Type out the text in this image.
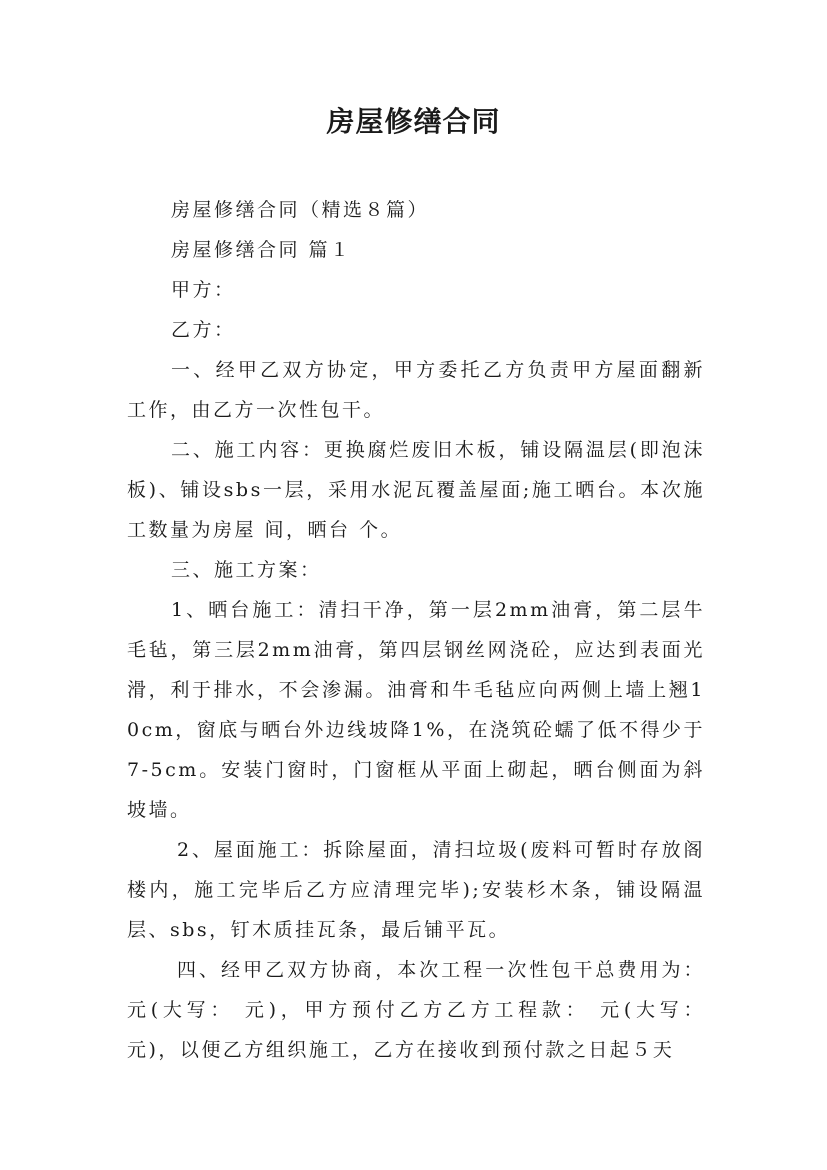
房屋修缮合同

房屋修缮合同（精选８篇）

房屋修缮合同 篇１

甲方：

乙方：

一、经甲乙双方协定，甲方委托乙方负责甲方屋面翻新工作，由乙方一次性包干。

二、施工内容：更换腐烂废旧木板，铺设隔温层(即泡沫板)、铺设sbs一层，采用水泥瓦覆盖屋面;施工晒台。本次施工数量为房屋 间，晒台 个。

三、施工方案：

1、晒台施工：清扫干净，第一层2mm油膏，第二层牛毛毡，第三层2mm油膏，第四层钢丝网浇砼，应达到表面光滑，利于排水，不会渗漏。油膏和牛毛毡应向两侧上墙上翘10cm，窗底与晒台外边线坡降1%，在浇筑砼蠕了低不得少于7-5cm。安装门窗时，门窗框从平面上砌起，晒台侧面为斜坡墙。

2、屋面施工：拆除屋面，清扫垃圾(废料可暂时存放阁楼内，施工完毕后乙方应清理完毕);安装杉木条，铺设隔温层、sbs，钉木质挂瓦条，最后铺平瓦。

四、经甲乙双方协商，本次工程一次性包干总费用为： 元(大写： 元)，甲方预付乙方乙方工程款： 元(大写： 元)，以便乙方组织施工，乙方在接收到预付款之日起５天
